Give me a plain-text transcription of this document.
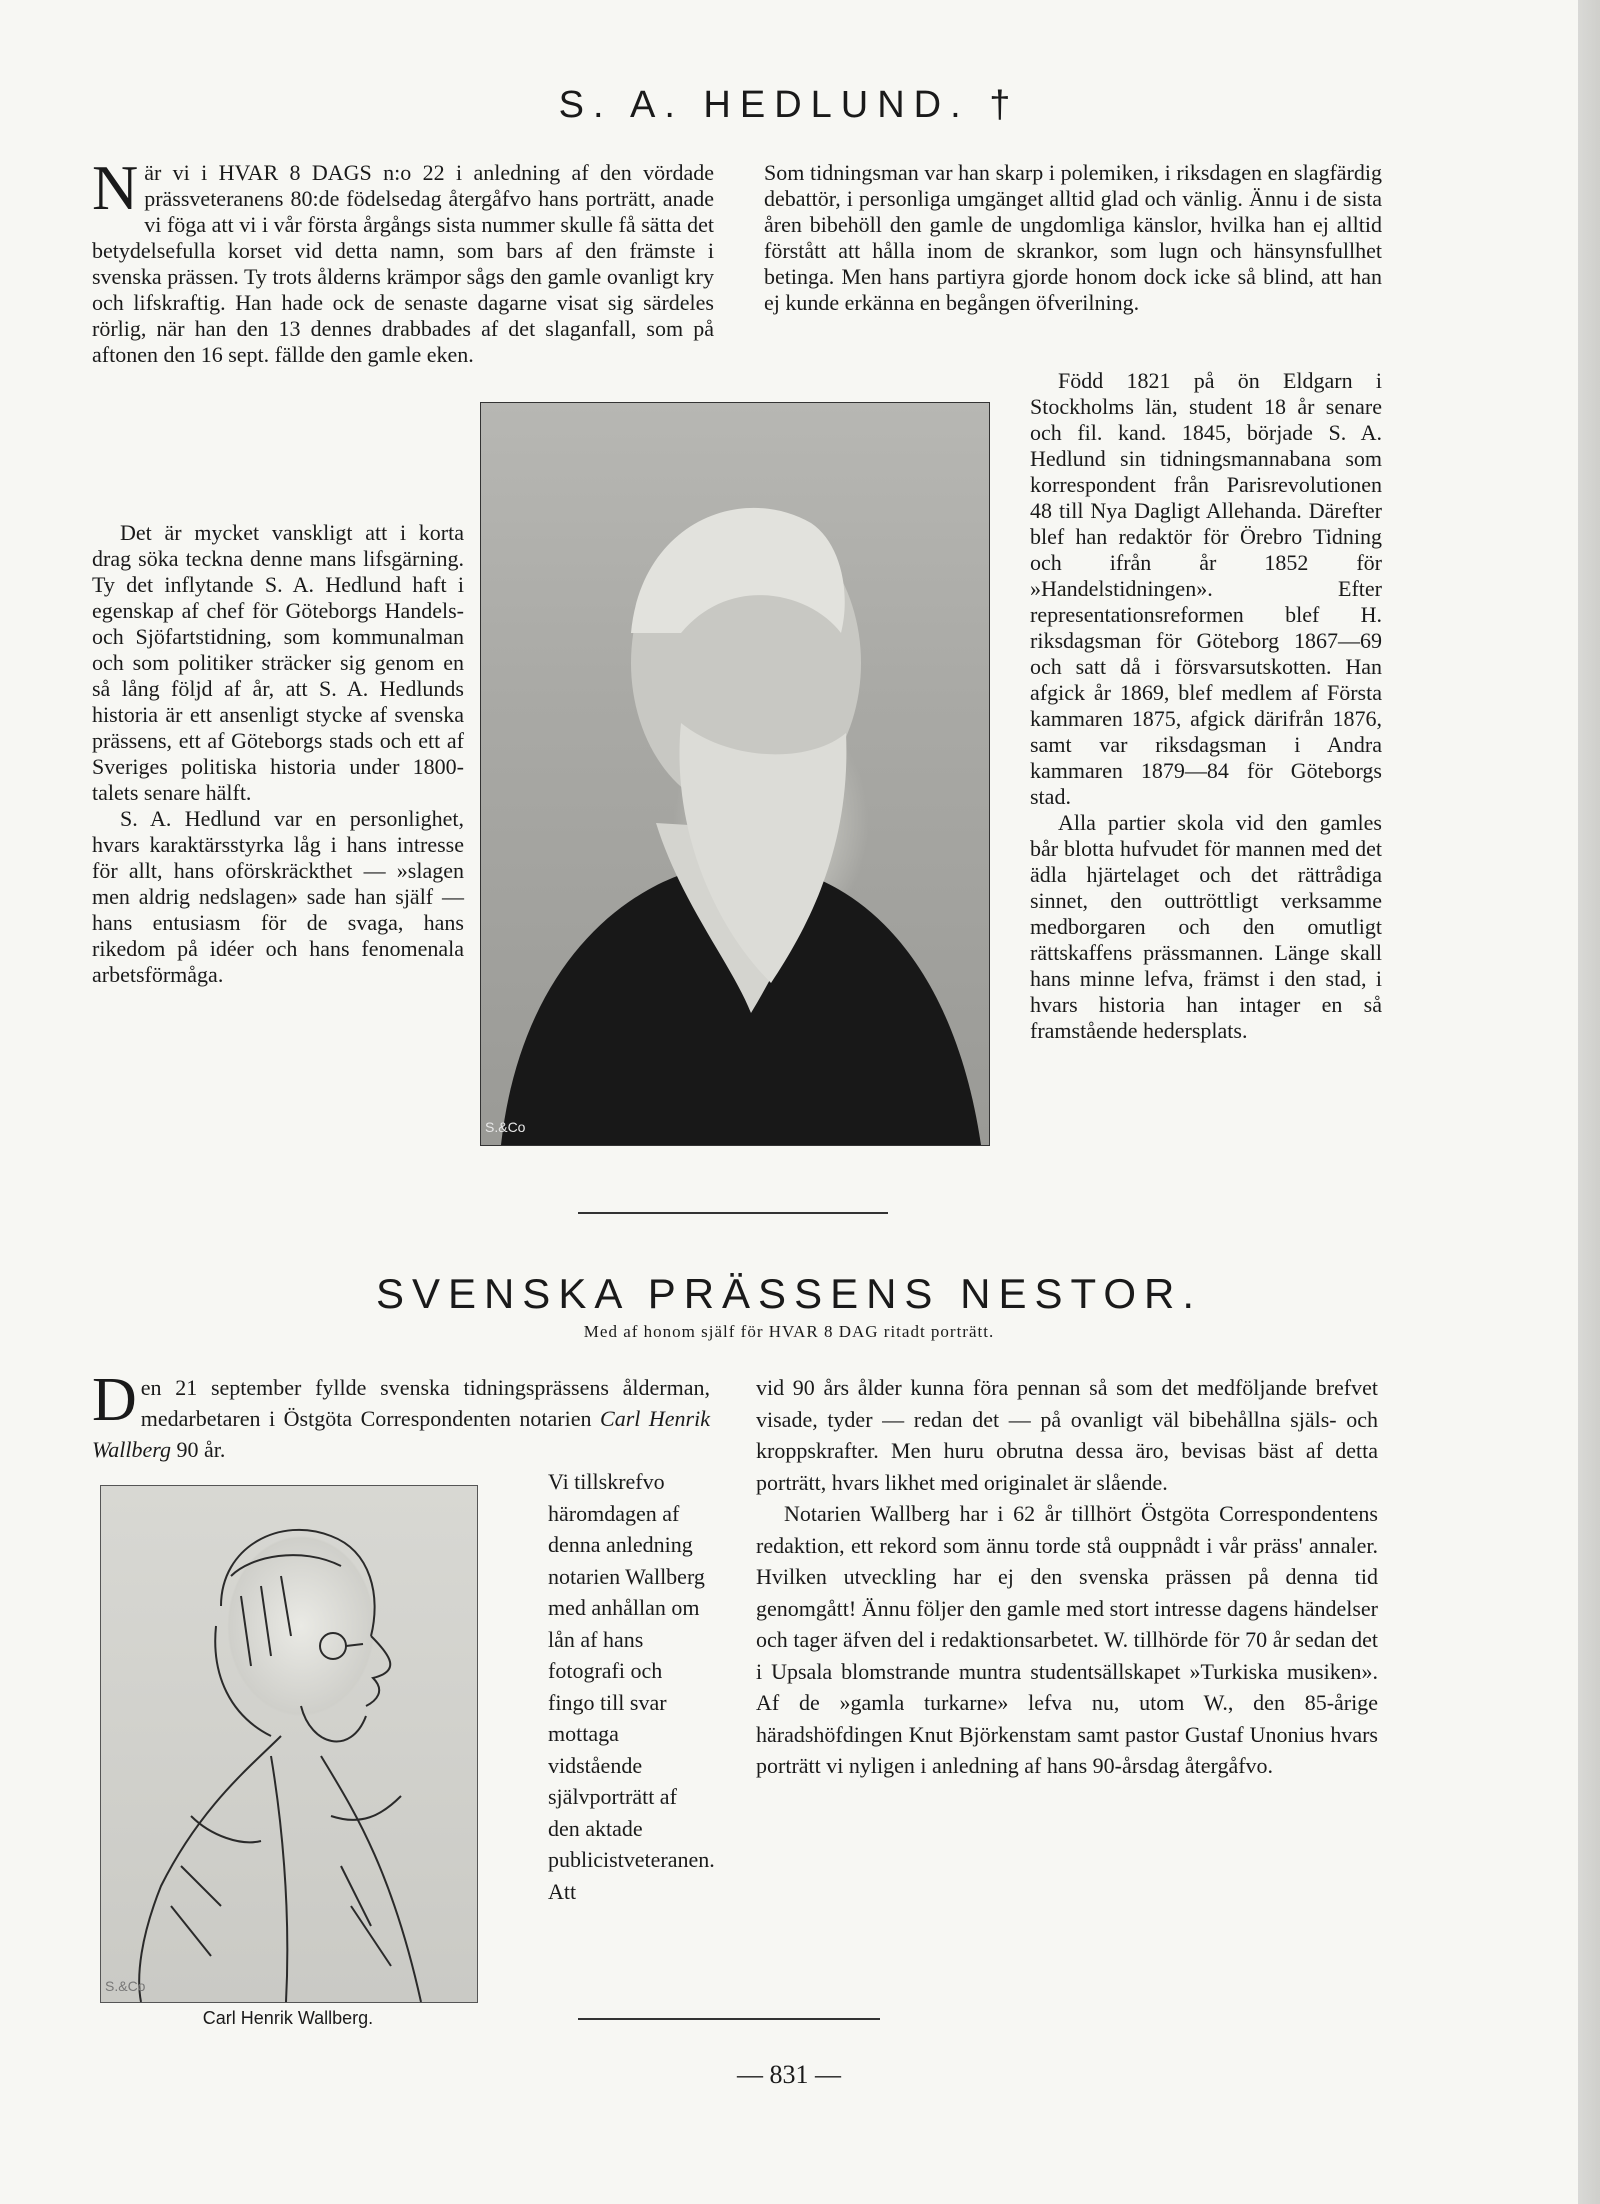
S. A. HEDLUND. †
N är vi i HVAR 8 DAGS n:o 22 i anledning af den vördade prässveteranens 80:de födelsedag återgåfvo hans porträtt, anade vi föga att vi i vår första årgångs sista nummer skulle få sätta det betydelsefulla korset vid detta namn, som bars af den främste i svenska prässen. Ty trots ålderns krämpor sågs den gamle ovanligt kry och lifskraftig. Han hade ock de senaste dagarne visat sig särdeles rörlig, när han den 13 dennes drabbades af det slaganfall, som på aftonen den 16 sept. fällde den gamle eken.

Det är mycket vanskligt att i korta drag söka teckna denne mans lifsgärning. Ty det inflytande S. A. Hedlund haft i egenskap af chef för Göteborgs Handels- och Sjöfartstidning, som kommunalman och som politiker sträcker sig genom en så lång följd af år, att S. A. Hedlunds historia är ett ansenligt stycke af svenska prässens, ett af Göteborgs stads och ett af Sveriges politiska historia under 1800-talets senare hälft.

S. A. Hedlund var en personlighet, hvars karaktärsstyrka låg i hans intresse för allt, hans oförskräckthet — »slagen men aldrig nedslagen» sade han själf — hans entusiasm för de svaga, hans rikedom på idéer och hans fenomenala arbetsförmåga.

Som tidningsman var han skarp i polemiken, i riksdagen en slagfärdig debattör, i personliga umgänget alltid glad och vänlig. Ännu i de sista åren bibehöll den gamle de ungdomliga känslor, hvilka han ej alltid förstått att hålla inom de skrankor, som lugn och hänsynsfullhet betinga. Men hans partiyra gjorde honom dock icke så blind, att han ej kunde erkänna en begången öfverilning.

Född 1821 på ön Eldgarn i Stockholms län, student 18 år senare och fil. kand. 1845, började S. A. Hedlund sin tidningsmannabana som korrespondent från Parisrevolutionen 48 till Nya Dagligt Allehanda. Därefter blef han redaktör för Örebro Tidning och ifrån år 1852 för »Handelstidningen». Efter representationsreformen blef H. riksdagsman för Göteborg 1867—69 och satt då i försvarsutskotten. Han afgick år 1869, blef medlem af Första kammaren 1875, afgick därifrån 1876, samt var riksdagsman i Andra kammaren 1879—84 för Göteborgs stad.

Alla partier skola vid den gamles bår blotta hufvudet för mannen med det ädla hjärtelaget och det rättrådiga sinnet, den outtröttligt verksamme medborgaren och den omutligt rättskaffens prässmannen. Länge skall hans minne lefva, främst i den stad, i hvars historia han intager en så framstående hedersplats.

S.&Co
SVENSKA PRÄSSENS NESTOR.
Med af honom själf för HVAR 8 DAG ritadt porträtt.
D en 21 september fyllde svenska tidningsprässens ålderman, medarbetaren i Östgöta Correspondenten notarien Carl Henrik Wallberg 90 år.

Vi tillskrefvo häromdagen af denna anledning notarien Wallberg med anhållan om lån af hans fotografi och fingo till svar mottaga vidstående självporträtt af den aktade publicistveteranen. Att

S.&Co
Carl Henrik Wallberg.

vid 90 års ålder kunna föra pennan så som det medföljande brefvet visade, tyder — redan det — på ovanligt väl bibehållna själs- och kroppskrafter. Men huru obrutna dessa äro, bevisas bäst af detta porträtt, hvars likhet med originalet är slående.

Notarien Wallberg har i 62 år tillhört Östgöta Correspondentens redaktion, ett rekord som ännu torde stå ouppnådt i vår präss' annaler. Hvilken utveckling har ej den svenska prässen på denna tid genomgått! Ännu följer den gamle med stort intresse dagens händelser och tager äfven del i redaktionsarbetet. W. tillhörde för 70 år sedan det i Upsala blomstrande muntra studentsällskapet »Turkiska musiken». Af de »gamla turkarne» lefva nu, utom W., den 85-årige häradshöfdingen Knut Björkenstam samt pastor Gustaf Unonius hvars porträtt vi nyligen i anledning af hans 90-årsdag återgåfvo.

— 831 —
